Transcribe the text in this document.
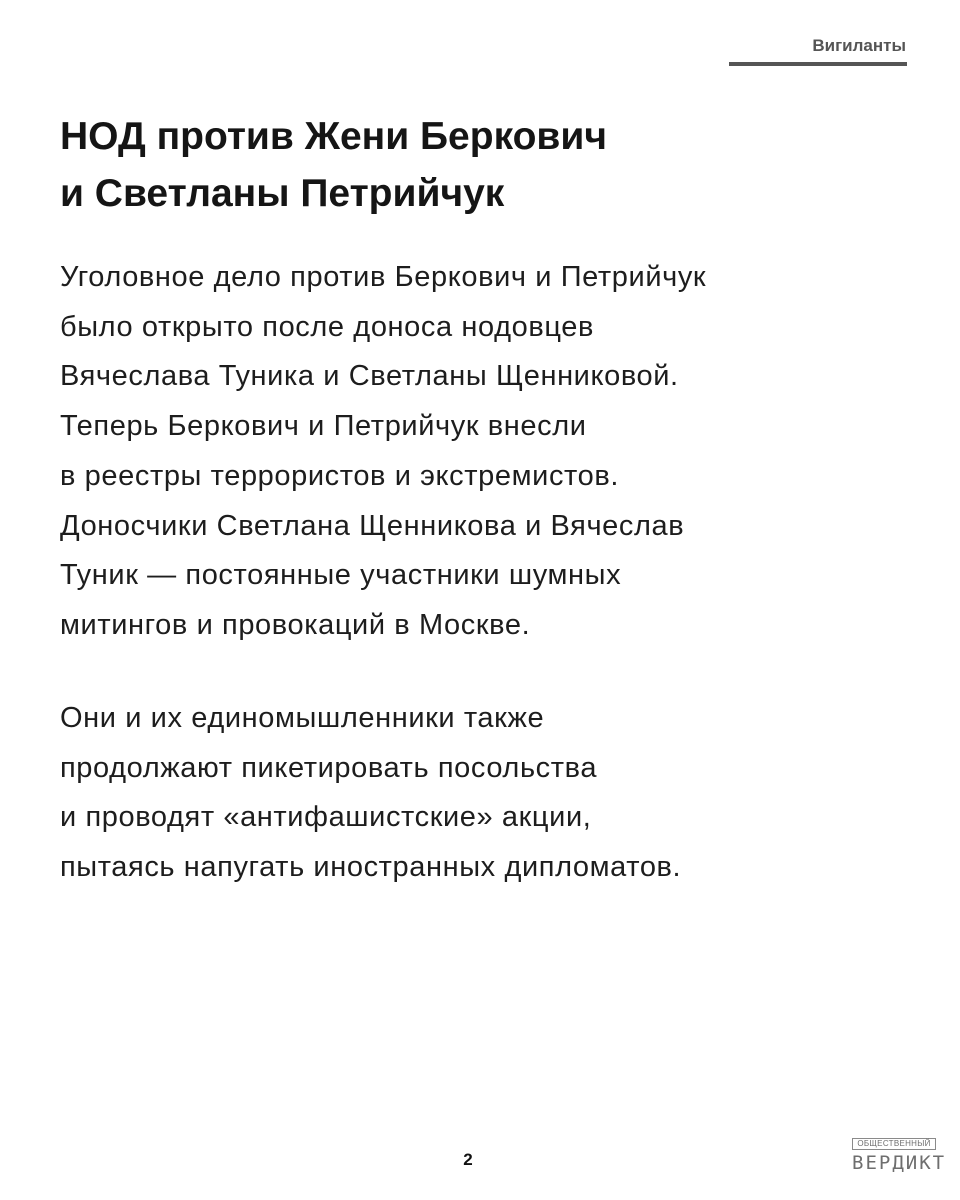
Вигиланты
НОД против Жени Беркович
и Светланы Петрийчук

Уголовное дело против Беркович и Петрийчук
было открыто после доноса нодовцев
Вячеслава Туника и Светланы Щенниковой.
Теперь Беркович и Петрийчук внесли
в реестры террористов и экстремистов.
Доносчики Светлана Щенникова и Вячеслав
Туник — постоянные участники шумных
митингов и провокаций в Москве.

Они и их единомышленники также
продолжают пикетировать посольства
и проводят «антифашистские» акции,
пытаясь напугать иностранных дипломатов.

2
ОБЩЕСТВЕННЫЙ
ВЕРДИКТ
